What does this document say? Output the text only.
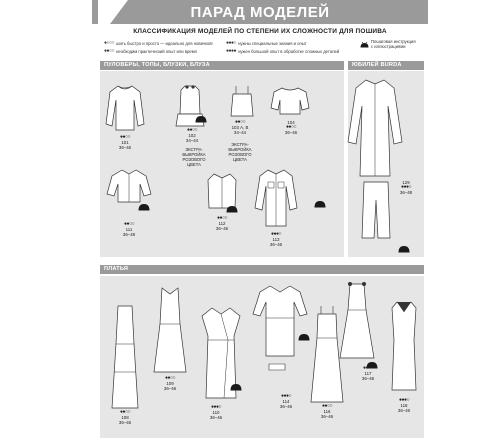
ПАРАД МОДЕЛЕЙ
КЛАССИФИКАЦИЯ МОДЕЛЕЙ ПО СТЕПЕНИ ИХ СЛОЖНОСТИ ДЛЯ ПОШИВА
●○○○ шить быстро и просто — идеально для новичков!
●●○○ необходим практический опыт или время
●●●○ нужны специальные знания и опыт
●●●● нужен большой опыт в обработке сложных деталей
Пошаговая инструкция
с иллюстрациями
ПУЛОВЕРЫ, ТОПЫ, БЛУЗКИ, БЛУЗА	ЮБИЛЕЙ BURDA
ПЛАТЬЯ
●●○○
101
36–46
●●○○
102
34–44
ЭКСТРА-ВЫКРОЙКА РОЗОВОГО ЦВЕТА
●●○○
103 А, В
34–44
ЭКСТРА-ВЫКРОЙКА РОЗОВОГО ЦВЕТА
104
●●○○
36–46
●●○○
111
36–48
●●○○
112
36–46
●●●○
113
36–46
129
●●●○
36–48
●●○○
108
36–46
●●○○
109
36–46
●●●○
110
36–46
●●●○
114
36–46	●●○○
116
36–46
●●○○
117
36–46
●●●○
118
36–46
